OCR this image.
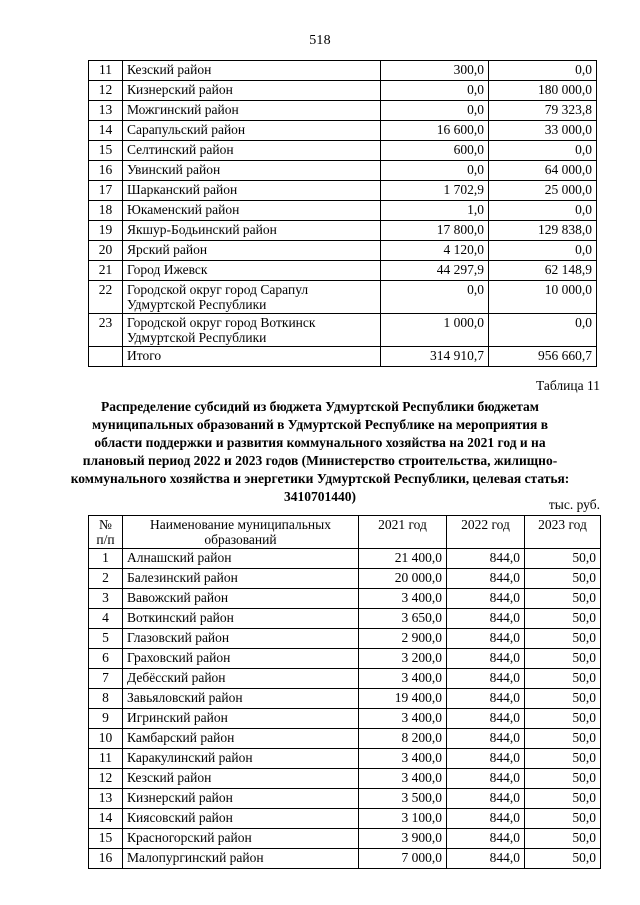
518
11	Кезский район	300,0	0,0
12	Кизнерский район	0,0	180 000,0
13	Можгинский район	0,0	79 323,8
14	Сарапульский район	16 600,0	33 000,0
15	Селтинский район	600,0	0,0
16	Увинский район	0,0	64 000,0
17	Шарканский район	1 702,9	25 000,0
18	Юкаменский район	1,0	0,0
19	Якшур-Бодьинский район	17 800,0	129 838,0
20	Ярский район	4 120,0	0,0
21	Город Ижевск	44 297,9	62 148,9
22	Городской округ город Сарапул Удмуртской Республики	0,0	10 000,0
23	Городской округ город Воткинск Удмуртской Республики	1 000,0	0,0
	Итого	314 910,7	956 660,7
Таблица 11
Распределение субсидий из бюджета Удмуртской Республики бюджетам муниципальных образований в Удмуртской Республике на мероприятия в области поддержки и развития коммунального хозяйства на 2021 год и на плановый период 2022 и 2023 годов (Министерство строительства, жилищно-коммунального хозяйства и энергетики Удмуртской Республики, целевая статья: 3410701440)
тыс. руб.
№
п/п	Наименование муниципальных образований	2021 год	2022 год	2023 год
1	Алнашский район	21 400,0	844,0	50,0
2	Балезинский район	20 000,0	844,0	50,0
3	Вавожский район	3 400,0	844,0	50,0
4	Воткинский район	3 650,0	844,0	50,0
5	Глазовский район	2 900,0	844,0	50,0
6	Граховский район	3 200,0	844,0	50,0
7	Дебёсский район	3 400,0	844,0	50,0
8	Завьяловский район	19 400,0	844,0	50,0
9	Игринский район	3 400,0	844,0	50,0
10	Камбарский район	8 200,0	844,0	50,0
11	Каракулинский район	3 400,0	844,0	50,0
12	Кезский район	3 400,0	844,0	50,0
13	Кизнерский район	3 500,0	844,0	50,0
14	Киясовский район	3 100,0	844,0	50,0
15	Красногорский район	3 900,0	844,0	50,0
16	Малопургинский район	7 000,0	844,0	50,0
